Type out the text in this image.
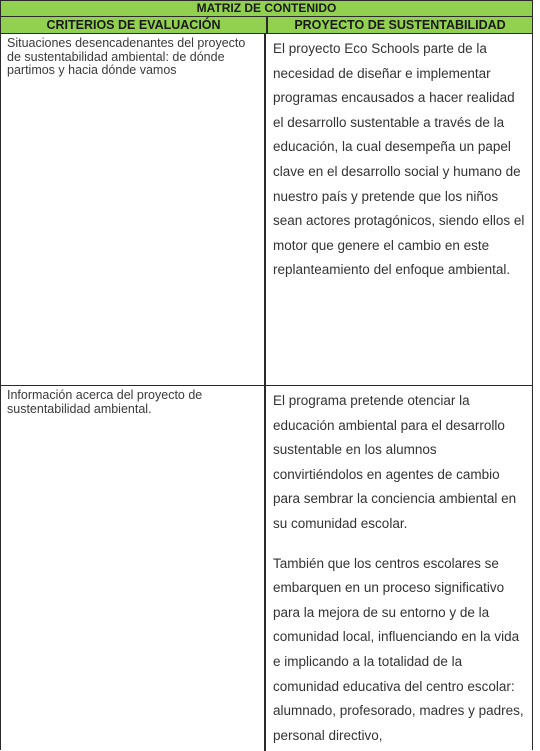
MATRIZ DE CONTENIDO
CRITERIOS DE EVALUACIÓN	PROYECTO DE SUSTENTABILIDAD

Situaciones desencadenantes del proyecto de sustentabilidad ambiental: de dónde partimos y hacia dónde vamos

El proyecto Eco Schools parte de la necesidad de diseñar e implementar programas encausados a hacer realidad el desarrollo sustentable a través de la educación, la cual desempeña un papel clave en el desarrollo social y humano de nuestro país y pretende que los niños sean actores protagónicos, siendo ellos el motor que genere el cambio en este replanteamiento del enfoque ambiental.

Información acerca del proyecto de sustentabilidad ambiental.

El programa pretende otenciar la educación ambiental para el desarrollo sustentable en los alumnos convirtiéndolos en agentes de cambio para sembrar la conciencia ambiental en su comunidad escolar.

También que los centros escolares se embarquen en un proceso significativo para la mejora de su entorno y de la comunidad local, influenciando en la vida e implicando a la totalidad de la comunidad educativa del centro escolar: alumnado, profesorado, madres y padres, personal directivo,
